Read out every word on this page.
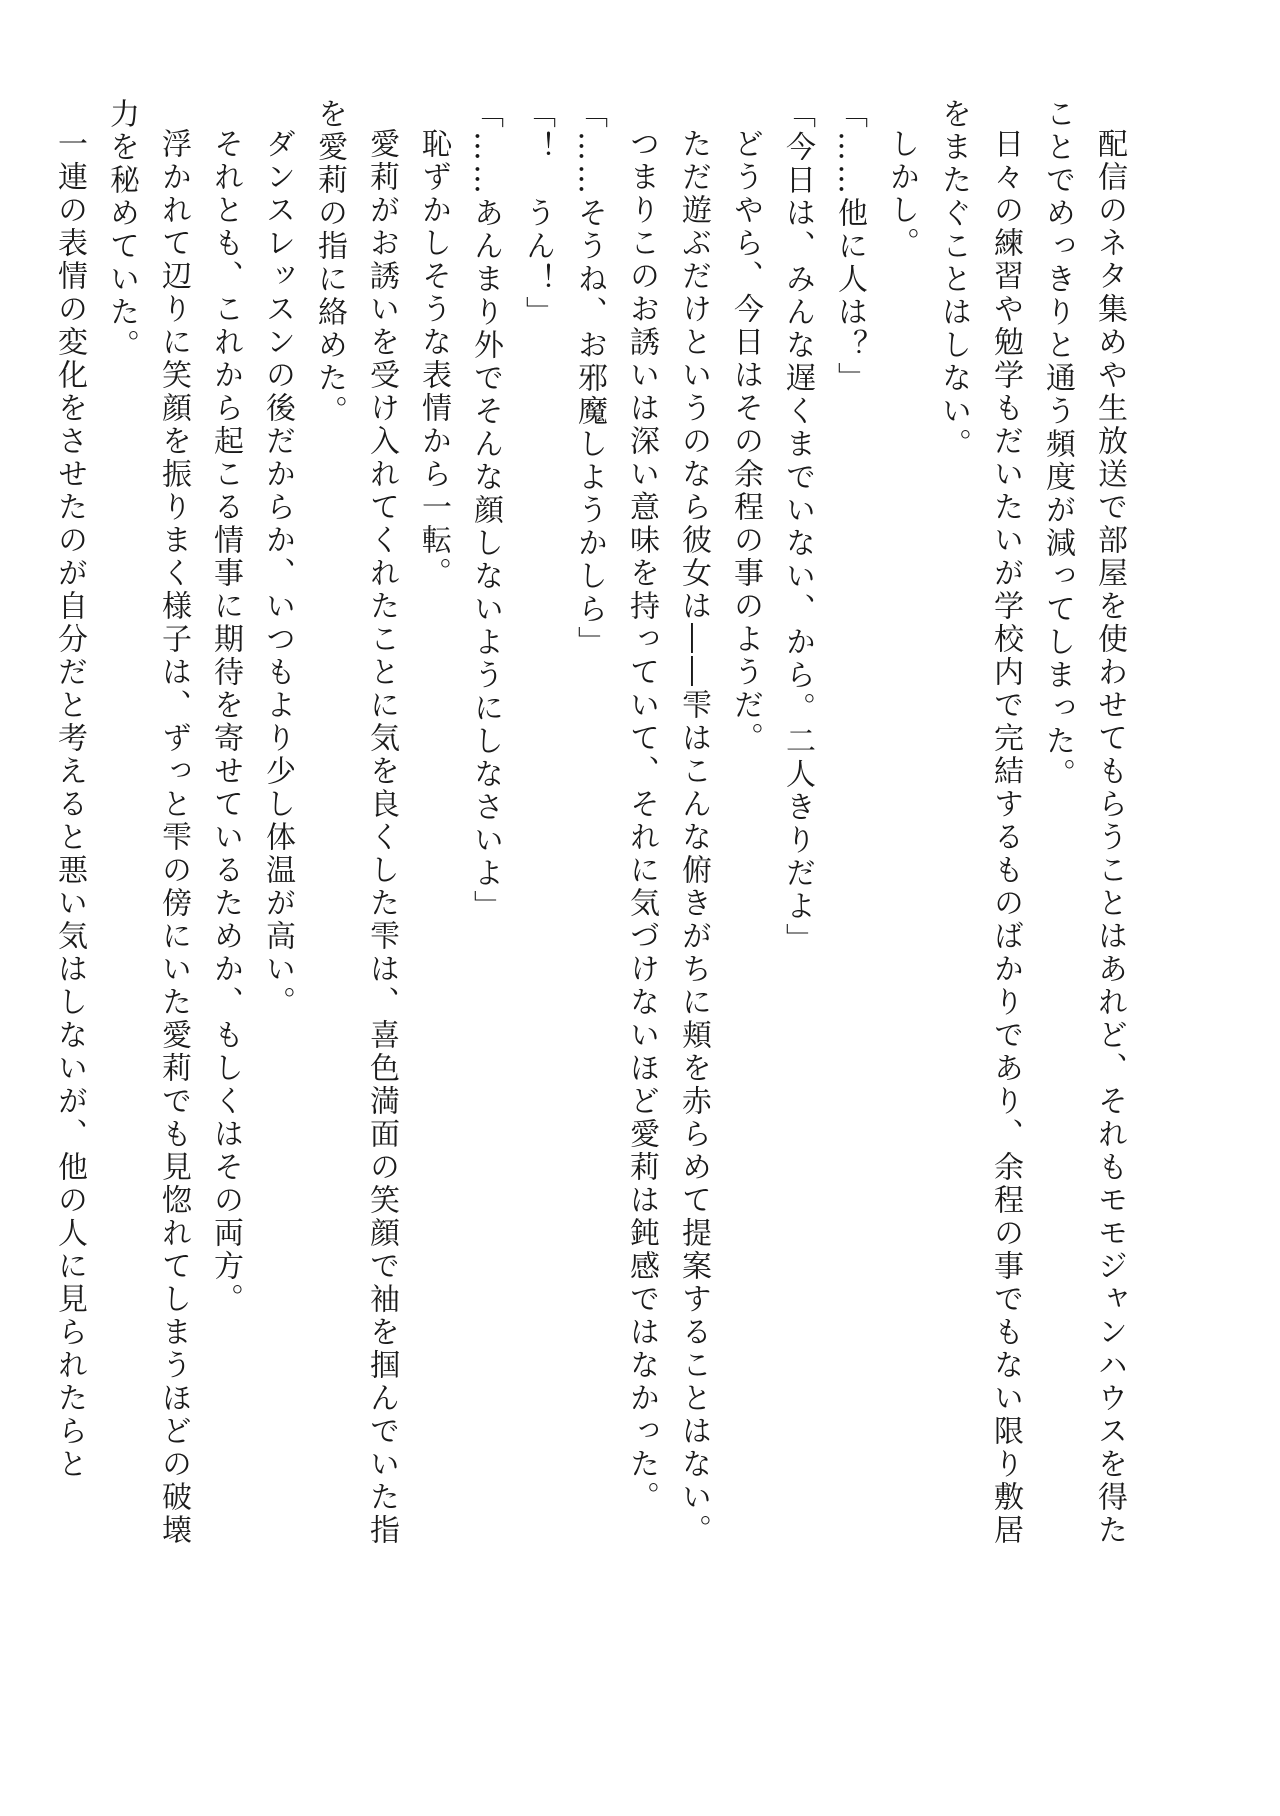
配信のネタ集めや生放送で部屋を使わせてもらうことはあれど、それもモモジャンハウスを得たことでめっきりと通う頻度が減ってしまった。

日々の練習や勉学もだいたいが学校内で完結するものばかりであり、余程の事でもない限り敷居をまたぐことはしない。

しかし。

「……他に人は？」

「今日は、みんな遅くまでいない、から。二人きりだよ」

どうやら、今日はその余程の事のようだ。

ただ遊ぶだけというのなら彼女は――雫はこんな俯きがちに頬を赤らめて提案することはない。

つまりこのお誘いは深い意味を持っていて、それに気づけないほど愛莉は鈍感ではなかった。

「……そうね、お邪魔しようかしら」

「！　うん！」

「……あんまり外でそんな顔しないようにしなさいよ」

恥ずかしそうな表情から一転。

愛莉がお誘いを受け入れてくれたことに気を良くした雫は、喜色満面の笑顔で袖を掴んでいた指を愛莉の指に絡めた。

ダンスレッスンの後だからか、いつもより少し体温が高い。

それとも、これから起こる情事に期待を寄せているためか、もしくはその両方。

浮かれて辺りに笑顔を振りまく様子は、ずっと雫の傍にいた愛莉でも見惚れてしまうほどの破壊力を秘めていた。

一連の表情の変化をさせたのが自分だと考えると悪い気はしないが、他の人に見られたらと
